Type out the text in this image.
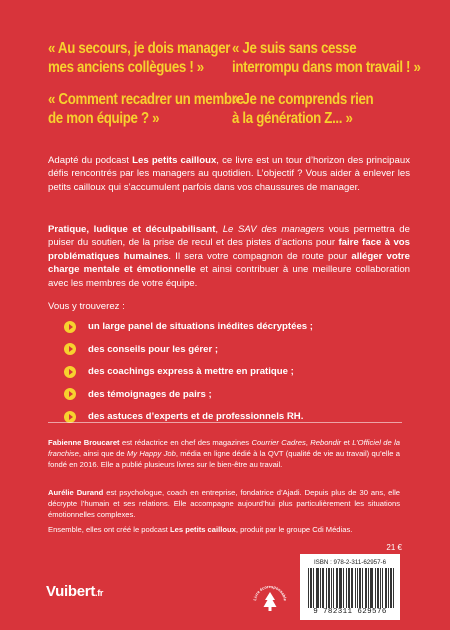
« Au secours, je dois manager
mes anciens collègues ! »
« Je suis sans cesse
interrompu dans mon travail ! »
« Comment recadrer un membre
de mon équipe ? »
« Je ne comprends rien
à la génération Z... »
Adapté du podcast Les petits cailloux, ce livre est un tour d’horizon des principaux défis rencontrés par les managers au quotidien. L’objectif ? Vous aider à enlever les petits cailloux qui s’accumulent parfois dans vos chaussures de manager.
Pratique, ludique et déculpabilisant, Le SAV des managers vous permettra de puiser du soutien, de la prise de recul et des pistes d’actions pour faire face à vos problématiques humaines. Il sera votre compagnon de route pour alléger votre charge mentale et émotionnelle et ainsi contribuer à une meilleure collaboration avec les membres de votre équipe.
Vous y trouverez :
un large panel de situations inédites décryptées ;
des conseils pour les gérer ;
des coachings express à mettre en pratique ;
des témoignages de pairs ;
des astuces d’experts et de professionnels RH.
Fabienne Broucaret est rédactrice en chef des magazines Courrier Cadres, Rebondir et L’Officiel de la franchise, ainsi que de My Happy Job, média en ligne dédié à la QVT (qualité de vie au travail) qu’elle a fondé en 2016. Elle a publié plusieurs livres sur le bien-être au travail.
Aurélie Durand est psychologue, coach en entreprise, fondatrice d’Ajadi. Depuis plus de 30 ans, elle décrypte l’humain et ses relations. Elle accompagne aujourd’hui plus particulièrement les situations émotionnelles complexes.
Ensemble, elles ont créé le podcast Les petits cailloux, produit par le groupe Cdi Médias.
21 €
Vuibert.fr
Livre écoresponsable
ISBN : 978-2-311-62957-6
9 782311 629576
